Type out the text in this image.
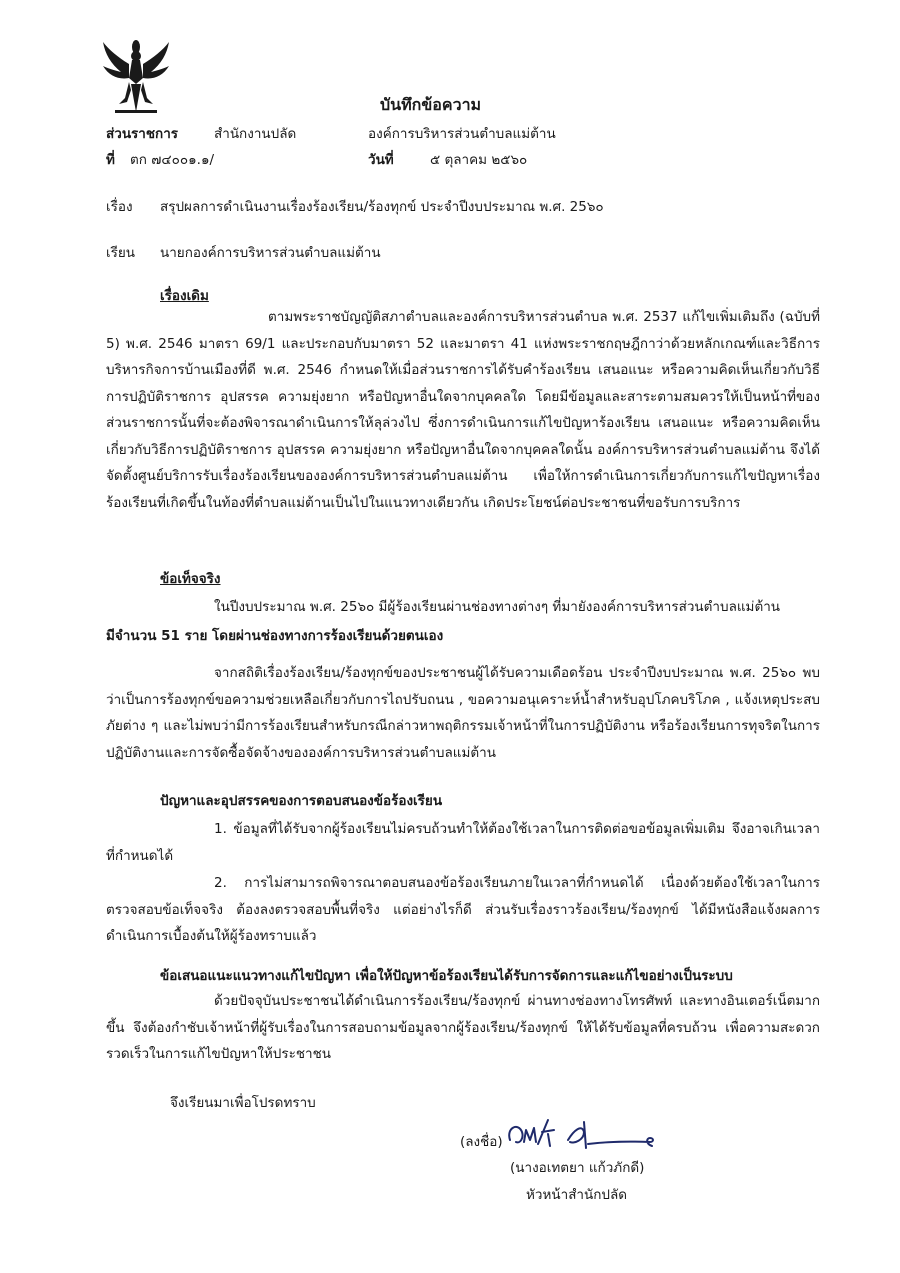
บันทึกข้อความ
ส่วนราชการ	สำนักงานปลัด	องค์การบริหารส่วนตำบลแม่ต้าน
ที่ ตก ๗๔๐๐๑.๑/	วันที่	๕ ตุลาคม ๒๕๖๐
เรื่อง สรุปผลการดำเนินงานเรื่องร้องเรียน/ร้องทุกข์ ประจำปีงบประมาณ พ.ศ. 25๖๐
เรียน นายกองค์การบริหารส่วนตำบลแม่ต้าน
เรื่องเดิม
ตามพระราชบัญญัติสภาตำบลและองค์การบริหารส่วนตำบล พ.ศ. 2537 แก้ไขเพิ่มเติมถึง (ฉบับที่ 5) พ.ศ. 2546 มาตรา 69/1 และประกอบกับมาตรา 52 และมาตรา 41 แห่งพระราชกฤษฎีกาว่าด้วยหลักเกณฑ์และวิธีการบริหารกิจการบ้านเมืองที่ดี พ.ศ. 2546 กำหนดให้เมื่อส่วนราชการได้รับคำร้องเรียน เสนอแนะ หรือความคิดเห็นเกี่ยวกับวิธีการปฏิบัติราชการ อุปสรรค ความยุ่งยาก หรือปัญหาอื่นใดจากบุคคลใด โดยมีข้อมูลและสาระตามสมควรให้เป็นหน้าที่ของส่วนราชการนั้นที่จะต้องพิจารณาดำเนินการให้ลุล่วงไป ซึ่งการดำเนินการแก้ไขปัญหาร้องเรียน เสนอแนะ หรือความคิดเห็นเกี่ยวกับวิธีการปฏิบัติราชการ อุปสรรค ความยุ่งยาก หรือปัญหาอื่นใดจากบุคคลใดนั้น องค์การบริหารส่วนตำบลแม่ต้าน จึงได้จัดตั้งศูนย์บริการรับเรื่องร้องเรียนขององค์การบริหารส่วนตำบลแม่ต้าน เพื่อให้การดำเนินการเกี่ยวกับการแก้ไขปัญหาเรื่องร้องเรียนที่เกิดขึ้นในท้องที่ตำบลแม่ต้านเป็นไปในแนวทางเดียวกัน เกิดประโยชน์ต่อประชาชนที่ขอรับการบริการ
ข้อเท็จจริง
ในปีงบประมาณ พ.ศ. 25๖๐ มีผู้ร้องเรียนผ่านช่องทางต่างๆ ที่มายังองค์การบริหารส่วนตำบลแม่ต้าน
มีจำนวน 51 ราย โดยผ่านช่องทางการร้องเรียนด้วยตนเอง
จากสถิติเรื่องร้องเรียน/ร้องทุกข์ของประชาชนผู้ได้รับความเดือดร้อน ประจำปีงบประมาณ พ.ศ. 25๖๐ พบว่าเป็นการร้องทุกข์ขอความช่วยเหลือเกี่ยวกับการไถปรับถนน , ขอความอนุเคราะห์น้ำสำหรับอุปโภคบริโภค , แจ้งเหตุประสบภัยต่าง ๆ และไม่พบว่ามีการร้องเรียนสำหรับกรณีกล่าวหาพฤติกรรมเจ้าหน้าที่ในการปฏิบัติงาน หรือร้องเรียนการทุจริตในการปฏิบัติงานและการจัดซื้อจัดจ้างขององค์การบริหารส่วนตำบลแม่ต้าน
ปัญหาและอุปสรรคของการตอบสนองข้อร้องเรียน
1. ข้อมูลที่ได้รับจากผู้ร้องเรียนไม่ครบถ้วนทำให้ต้องใช้เวลาในการติดต่อขอข้อมูลเพิ่มเติม จึงอาจเกินเวลาที่กำหนดได้
2. การไม่สามารถพิจารณาตอบสนองข้อร้องเรียนภายในเวลาที่กำหนดได้ เนื่องด้วยต้องใช้เวลาในการตรวจสอบข้อเท็จจริง ต้องลงตรวจสอบพื้นที่จริง แต่อย่างไรก็ดี ส่วนรับเรื่องราวร้องเรียน/ร้องทุกข์ ได้มีหนังสือแจ้งผลการดำเนินการเบื้องต้นให้ผู้ร้องทราบแล้ว
ข้อเสนอแนะแนวทางแก้ไขปัญหา เพื่อให้ปัญหาข้อร้องเรียนได้รับการจัดการและแก้ไขอย่างเป็นระบบ
ด้วยปัจจุบันประชาชนได้ดำเนินการร้องเรียน/ร้องทุกข์ ผ่านทางช่องทางโทรศัพท์ และทางอินเตอร์เน็ตมากขึ้น จึงต้องกำชับเจ้าหน้าที่ผู้รับเรื่องในการสอบถามข้อมูลจากผู้ร้องเรียน/ร้องทุกข์ ให้ได้รับข้อมูลที่ครบถ้วน เพื่อความสะดวกรวดเร็วในการแก้ไขปัญหาให้ประชาชน
จึงเรียนมาเพื่อโปรดทราบ
(ลงชื่อ)
(นางอเทตยา แก้วภักดี)
หัวหน้าสำนักปลัด
